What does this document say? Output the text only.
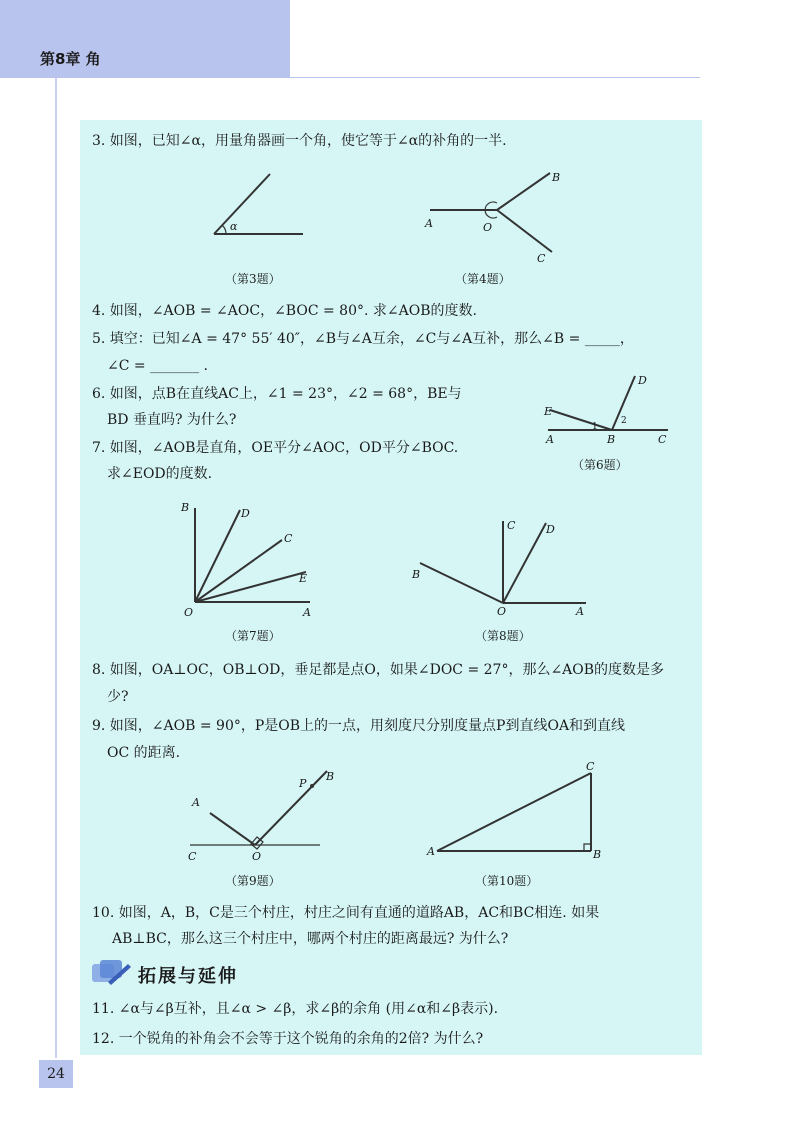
第8章 角
3. 如图，已知∠α，用量角器画一个角，使它等于∠α的补角的一半.
α
（第3题）
A	O
B
C
（第4题）
4. 如图，∠AOB = ∠AOC，∠BOC = 80°. 求∠AOB的度数.
5. 填空：已知∠A = 47° 55′ 40″，∠B与∠A互余，∠C与∠A互补，那么∠B = _____，
∠C = _______ .
6. 如图，点B在直线AC上，∠1 = 23°，∠2 = 68°，BE与
BD 垂直吗? 为什么?
7. 如图，∠AOB是直角，OE平分∠AOC，OD平分∠BOC.
求∠EOD的度数.
E
A	B	C
D
1
2
（第6题）
B	D
C
E
O	A
（第7题）
C	D
B
O	A
（第8题）
8. 如图，OA⊥OC，OB⊥OD，垂足都是点O，如果∠DOC = 27°，那么∠AOB的度数是多
少?
9. 如图，∠AOB = 90°，P是OB上的一点，用刻度尺分别度量点P到直线OA和到直线
OC 的距离.
A
P
B
C	O
（第9题）
C
A	B
（第10题）
10. 如图，A，B，C是三个村庄，村庄之间有直通的道路AB，AC和BC相连. 如果
AB⊥BC，那么这三个村庄中，哪两个村庄的距离最远? 为什么?
拓展与延伸
11. ∠α与∠β互补，且∠α > ∠β，求∠β的余角 (用∠α和∠β表示).
12. 一个锐角的补角会不会等于这个锐角的余角的2倍? 为什么?
24
